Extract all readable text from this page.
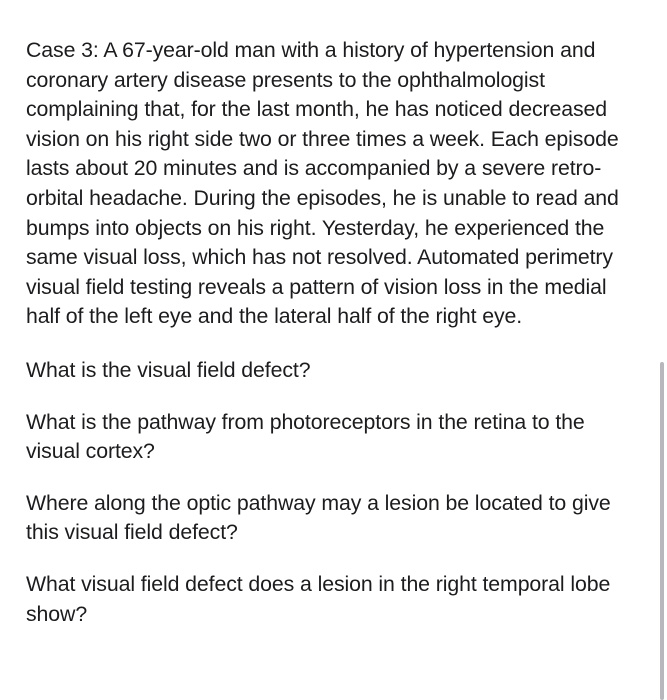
Case 3: A 67-year-old man with a history of hypertension and coronary artery disease presents to the ophthalmologist complaining that, for the last month, he has noticed decreased vision on his right side two or three times a week. Each episode lasts about 20 minutes and is accompanied by a severe retro-orbital headache. During the episodes, he is unable to read and bumps into objects on his right. Yesterday, he experienced the same visual loss, which has not resolved. Automated perimetry visual field testing reveals a pattern of vision loss in the medial half of the left eye and the lateral half of the right eye.

What is the visual field defect?

What is the pathway from photoreceptors in the retina to the visual cortex?

Where along the optic pathway may a lesion be located to give this visual field defect?

What visual field defect does a lesion in the right temporal lobe show?
